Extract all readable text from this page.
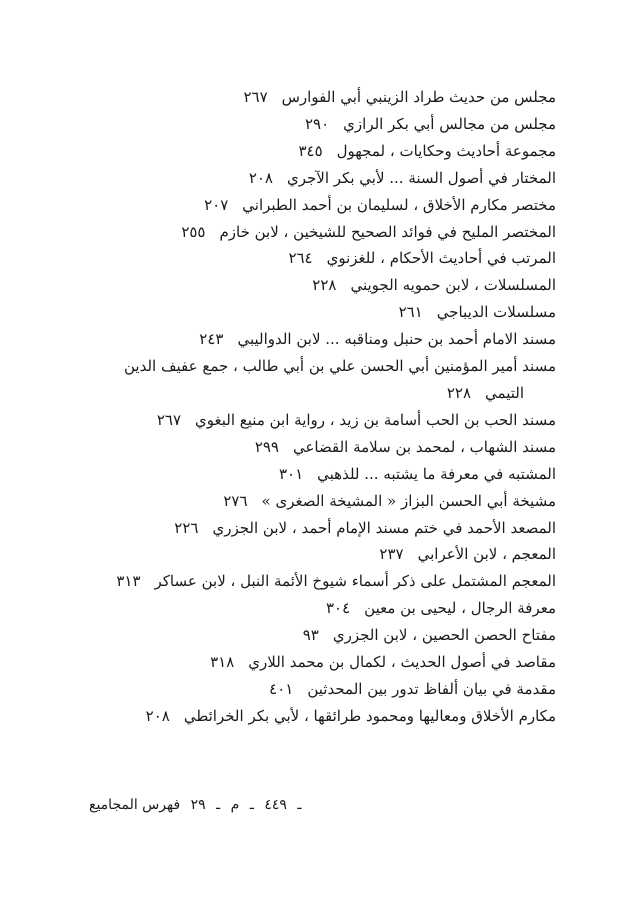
مجلس من حديث طراد الزينبي أبي الفوارس٢٦٧
مجلس من مجالس أبي بكر الرازي٢٩٠
مجموعة أحاديث وحكايات ، لمجهول٣٤٥
المختار في أصول السنة ... لأبي بكر الآجري٢٠٨
مختصر مكارم الأخلاق ، لسليمان بن أحمد الطبراني٢٠٧
المختصر المليح في فوائد الصحيح للشيخين ، لابن خازم٢٥٥
المرتب في أحاديث الأحكام ، للغزنوي٢٦٤
المسلسلات ، لابن حمويه الجويني٢٢٨
مسلسلات الديباجي٢٦١
مسند الامام أحمد بن حنبل ومناقبه ... لابن الدواليبي٢٤٣
مسند أمير المؤمنين أبي الحسن علي بن أبي طالب ، جمع عفيف الدين
التيمي٢٢٨
مسند الحب بن الحب أسامة بن زيد ، رواية ابن منيع البغوي٢٦٧
مسند الشهاب ، لمحمد بن سلامة القضاعي٢٩٩
المشتبه في معرفة ما يشتبه ... للذهبي٣٠١
مشيخة أبي الحسن البزاز « المشيخة الصغرى »٢٧٦
المصعد الأحمد في ختم مسند الإمام أحمد ، لابن الجزري٢٢٦
المعجم ، لابن الأعرابي٢٣٧
المعجم المشتمل على ذكر أسماء شيوخ الأئمة النبل ، لابن عساكر٣١٣
معرفة الرجال ، ليحيى بن معين٣٠٤
مفتاح الحصن الحصين ، لابن الجزري٩٣
مقاصد في أصول الحديث ، لكمال بن محمد اللاري٣١٨
مقدمة في بيان ألفاظ تدور بين المحدثين٤٠١
مكارم الأخلاق ومعاليها ومحمود طرائقها ، لأبي بكر الخرائطي٢٠٨
ـ ٤٤٩ ـ م ـ ٢٩ فهرس المجاميع
